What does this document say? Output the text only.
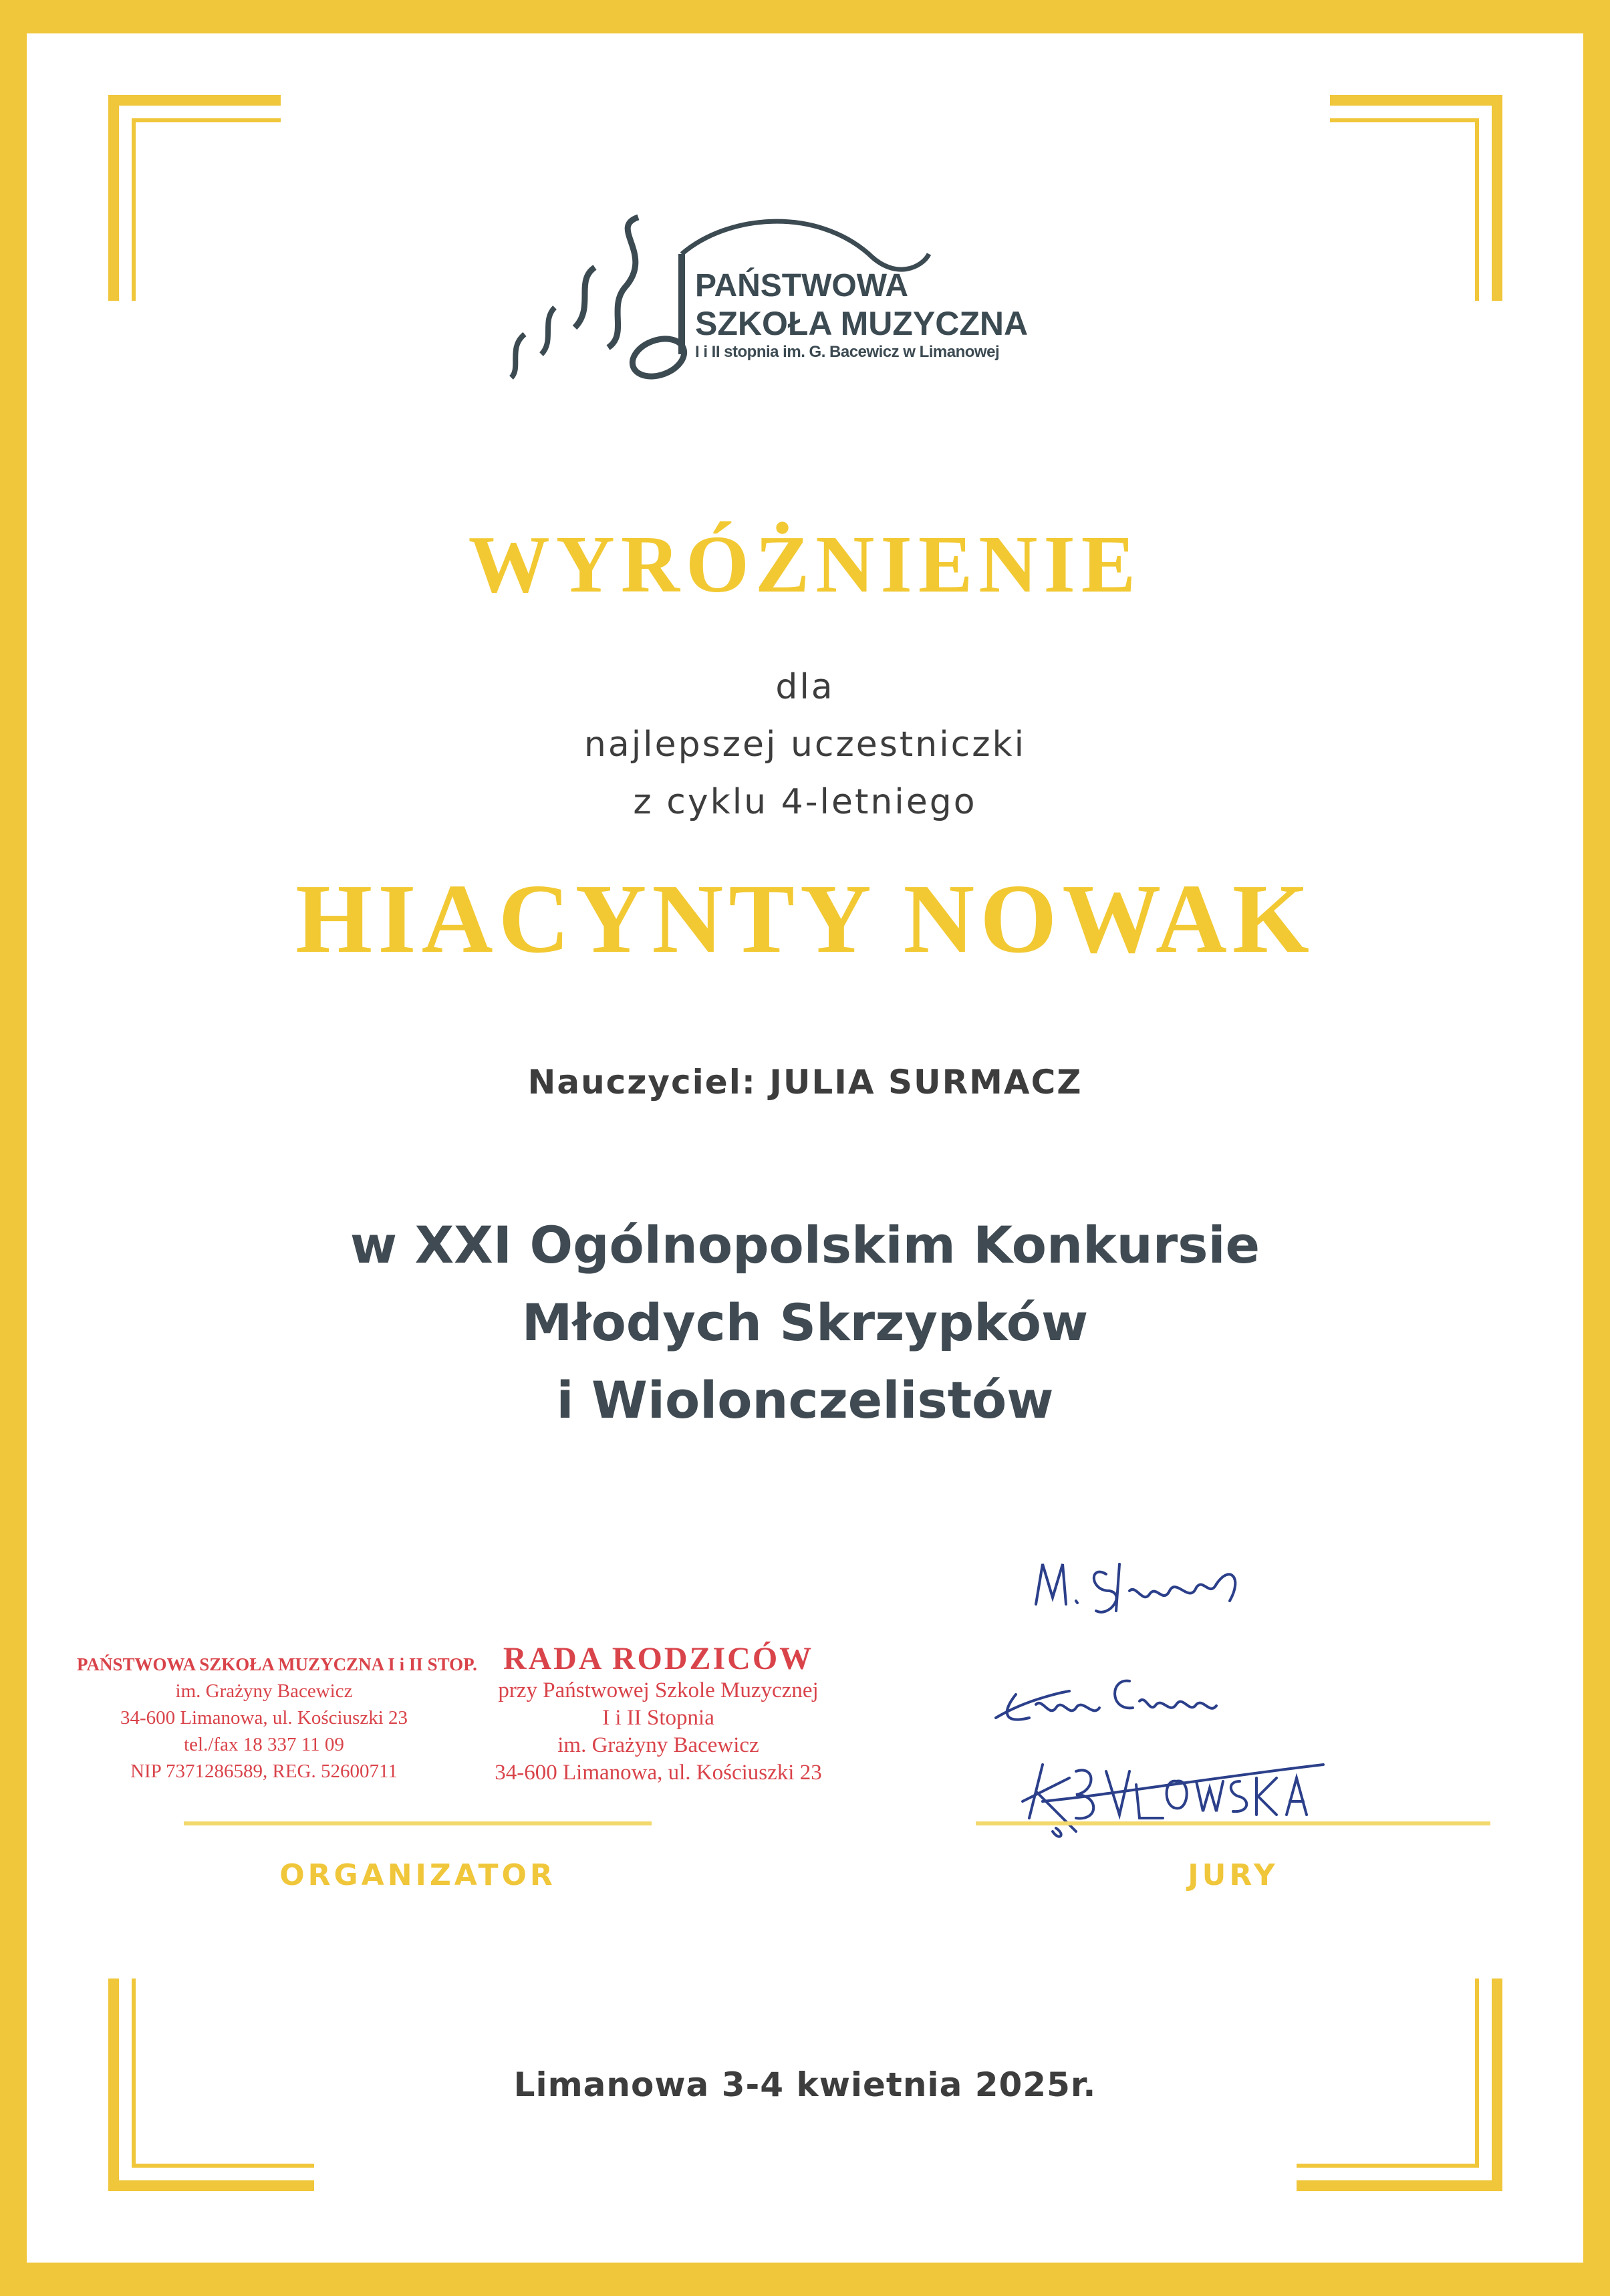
PAŃSTWOWA
SZKOŁA MUZYCZNA
I i II stopnia im. G. Bacewicz w Limanowej
WYRÓŻNIENIE
dla
najlepszej uczestniczki
z cyklu 4-letniego
HIACYNTY NOWAK
Nauczyciel: JULIA SURMACZ
w XXI Ogólnopolskim Konkursie
Młodych Skrzypków
i Wiolonczelistów
PAŃSTWOWA SZKOŁA MUZYCZNA I i II STOP.
im. Grażyny Bacewicz
34-600 Limanowa, ul. Kościuszki 23
tel./fax 18 337 11 09
NIP 7371286589, REG. 52600711
RADA RODZICÓW
przy Państwowej Szkole Muzycznej
I i II Stopnia
im. Grażyny Bacewicz
34-600 Limanowa, ul. Kościuszki 23
ORGANIZATOR	JURY
Limanowa 3-4 kwietnia 2025r.
